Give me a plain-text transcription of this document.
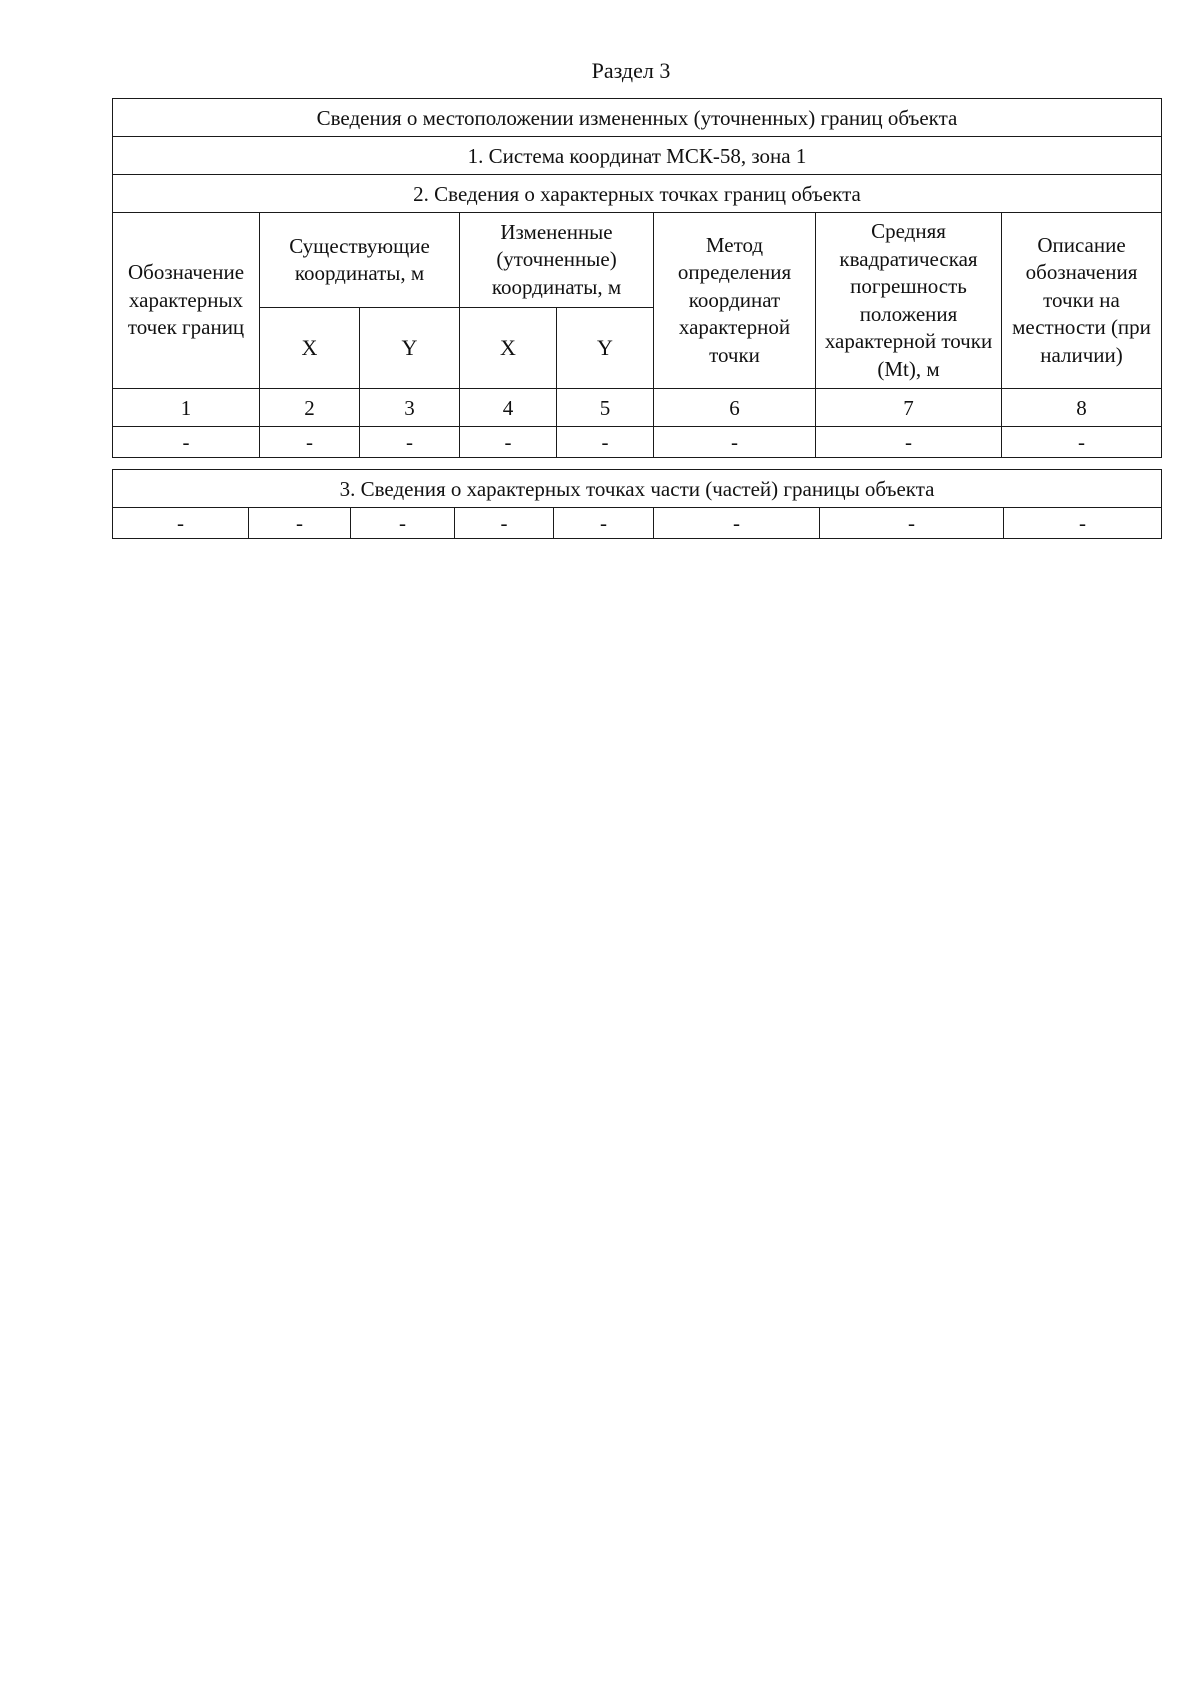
Раздел 3
Сведения о местоположении измененных (уточненных) границ объекта							
1. Система координат МСК-58, зона 1							
2. Сведения о характерных точках границ объекта							
Обозначение характерных точек границ	Существующие координаты, м		Измененные (уточненные) координаты, м		Метод определения координат характерной точки	Средняя квадратическая погрешность положения характерной точки (Mt), м	Описание обозначения точки на местности (при наличии)
	X	Y	X	Y			
1	2	3	4	5	6	7	8
-	-	-	-	-	-	-	-
3. Сведения о характерных точках части (частей) границы объекта
-	-	-	-	-	-	-	-
